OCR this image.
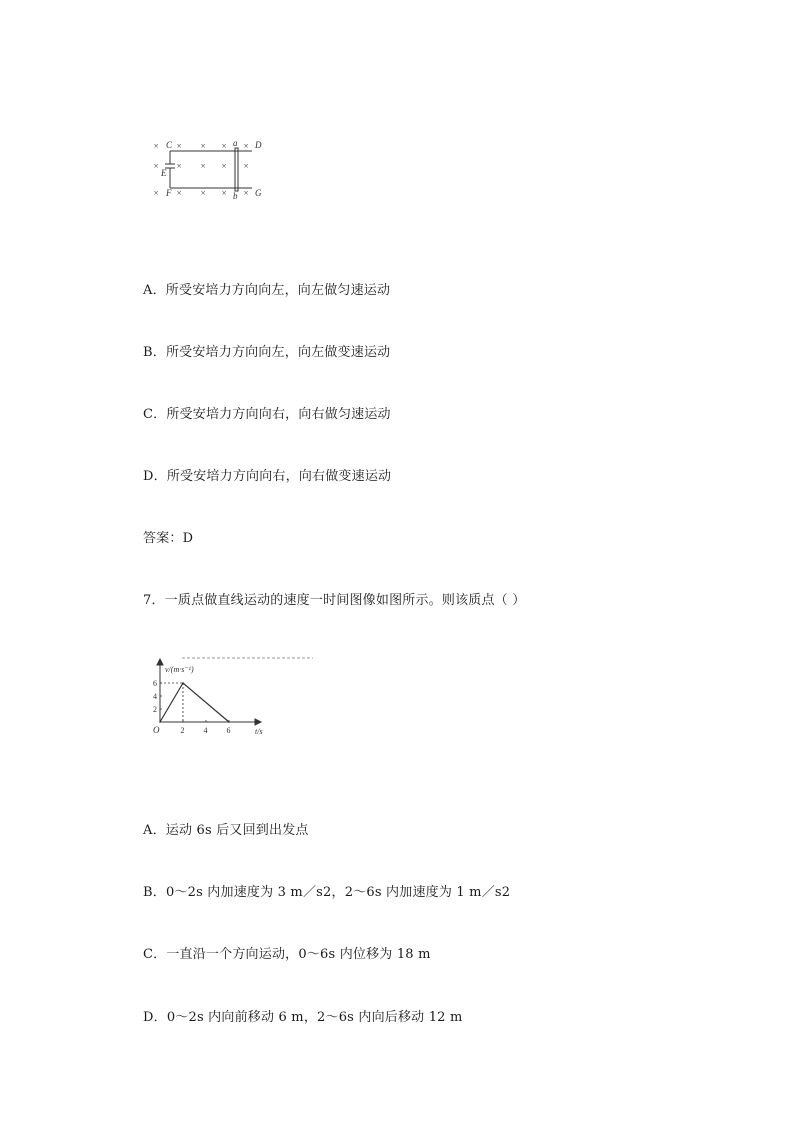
× × × × ×
× × × × ×
× × × × ×
C	a D
E
F	b G
A．所受安培力方向向左，向左做匀速运动
B．所受安培力方向向左，向左做变速运动
C．所受安培力方向向右，向右做匀速运动
D．所受安培力方向向右，向右做变速运动
答案：D
7．一质点做直线运动的速度一时间图像如图所示。则该质点（ ）
2 4 6
2
4
6
v/(m·s⁻¹)
t/s
O
A．运动 6s 后又回到出发点
B．0～2s 内加速度为 3 m／s2，2～6s 内加速度为 1 m／s2
C．一直沿一个方向运动，0～6s 内位移为 18 m
D．0～2s 内向前移动 6 m，2～6s 内向后移动 12 m
